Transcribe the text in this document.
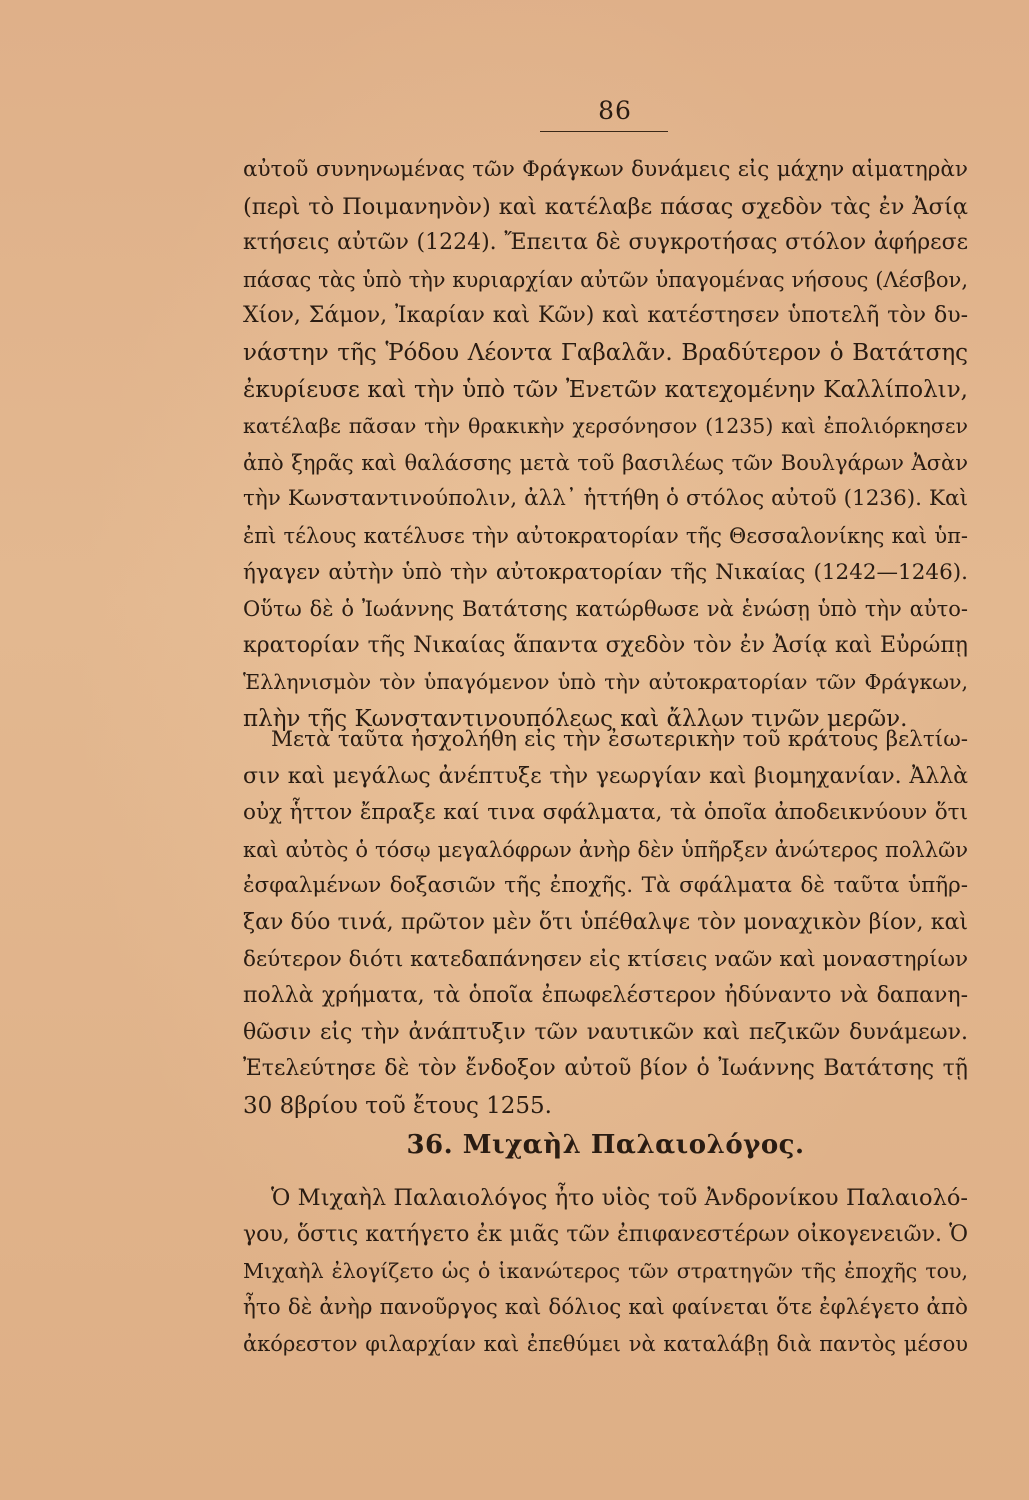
86
αὐτοῦ συνηνωμένας τῶν Φράγκων δυνάμεις εἰς μάχην αἱματηρὰν
(περὶ τὸ Ποιμανηνὸν) καὶ κατέλαβε πάσας σχεδὸν τὰς ἐν Ἀσίᾳ
κτήσεις αὐτῶν (1224). Ἔπειτα δὲ συγκροτήσας στόλον ἀφήρεσε
πάσας τὰς ὑπὸ τὴν κυριαρχίαν αὐτῶν ὑπαγομένας νήσους (Λέσβον,
Χίον, Σάμον, Ἰκαρίαν καὶ Κῶν) καὶ κατέστησεν ὑποτελῆ τὸν δυ-
νάστην τῆς Ῥόδου Λέοντα Γαβαλᾶν. Βραδύτερον ὁ Βατάτσης
ἐκυρίευσε καὶ τὴν ὑπὸ τῶν Ἐνετῶν κατεχομένην Καλλίπολιν,
κατέλαβε πᾶσαν τὴν θρακικὴν χερσόνησον (1235) καὶ ἐπολιόρκησεν
ἀπὸ ξηρᾶς καὶ θαλάσσης μετὰ τοῦ βασιλέως τῶν Βουλγάρων Ἀσὰν
τὴν Κωνσταντινούπολιν, ἀλλ᾽ ἡττήθη ὁ στόλος αὐτοῦ (1236). Καὶ
ἐπὶ τέλους κατέλυσε τὴν αὐτοκρατορίαν τῆς Θεσσαλονίκης καὶ ὑπ-
ήγαγεν αὐτὴν ὑπὸ τὴν αὐτοκρατορίαν τῆς Νικαίας (1242—1246).
Οὕτω δὲ ὁ Ἰωάννης Βατάτσης κατώρθωσε νὰ ἑνώσῃ ὑπὸ τὴν αὐτο-
κρατορίαν τῆς Νικαίας ἅπαντα σχεδὸν τὸν ἐν Ἀσίᾳ καὶ Εὐρώπῃ
Ἑλληνισμὸν τὸν ὑπαγόμενον ὑπὸ τὴν αὐτοκρατορίαν τῶν Φράγκων,
πλὴν τῆς Κωνσταντινουπόλεως καὶ ἄλλων τινῶν μερῶν.
Μετὰ ταῦτα ἠσχολήθη εἰς τὴν ἐσωτερικὴν τοῦ κράτους βελτίω-
σιν καὶ μεγάλως ἀνέπτυξε τὴν γεωργίαν καὶ βιομηχανίαν. Ἀλλὰ
οὐχ ἧττον ἔπραξε καί τινα σφάλματα, τὰ ὁποῖα ἀποδεικνύουν ὅτι
καὶ αὐτὸς ὁ τόσῳ μεγαλόφρων ἀνὴρ δὲν ὑπῆρξεν ἀνώτερος πολλῶν
ἐσφαλμένων δοξασιῶν τῆς ἐποχῆς. Τὰ σφάλματα δὲ ταῦτα ὑπῆρ-
ξαν δύο τινά, πρῶτον μὲν ὅτι ὑπέθαλψε τὸν μοναχικὸν βίον, καὶ
δεύτερον διότι κατεδαπάνησεν εἰς κτίσεις ναῶν καὶ μοναστηρίων
πολλὰ χρήματα, τὰ ὁποῖα ἐπωφελέστερον ἠδύναντο νὰ δαπανη-
θῶσιν εἰς τὴν ἀνάπτυξιν τῶν ναυτικῶν καὶ πεζικῶν δυνάμεων.
Ἐτελεύτησε δὲ τὸν ἔνδοξον αὐτοῦ βίον ὁ Ἰωάννης Βατάτσης τῇ
30 8βρίου τοῦ ἔτους 1255.
36. Μιχαὴλ Παλαιολόγος.
Ὁ Μιχαὴλ Παλαιολόγος ἦτο υἱὸς τοῦ Ἀνδρονίκου Παλαιολό-
γου, ὅστις κατήγετο ἐκ μιᾶς τῶν ἐπιφανεστέρων οἰκογενειῶν. Ὁ
Μιχαὴλ ἐλογίζετο ὡς ὁ ἱκανώτερος τῶν στρατηγῶν τῆς ἐποχῆς του,
ἦτο δὲ ἀνὴρ πανοῦργος καὶ δόλιος καὶ φαίνεται ὅτε ἐφλέγετο ἀπὸ
ἀκόρεστον φιλαρχίαν καὶ ἐπεθύμει νὰ καταλάβῃ διὰ παντὸς μέσου
